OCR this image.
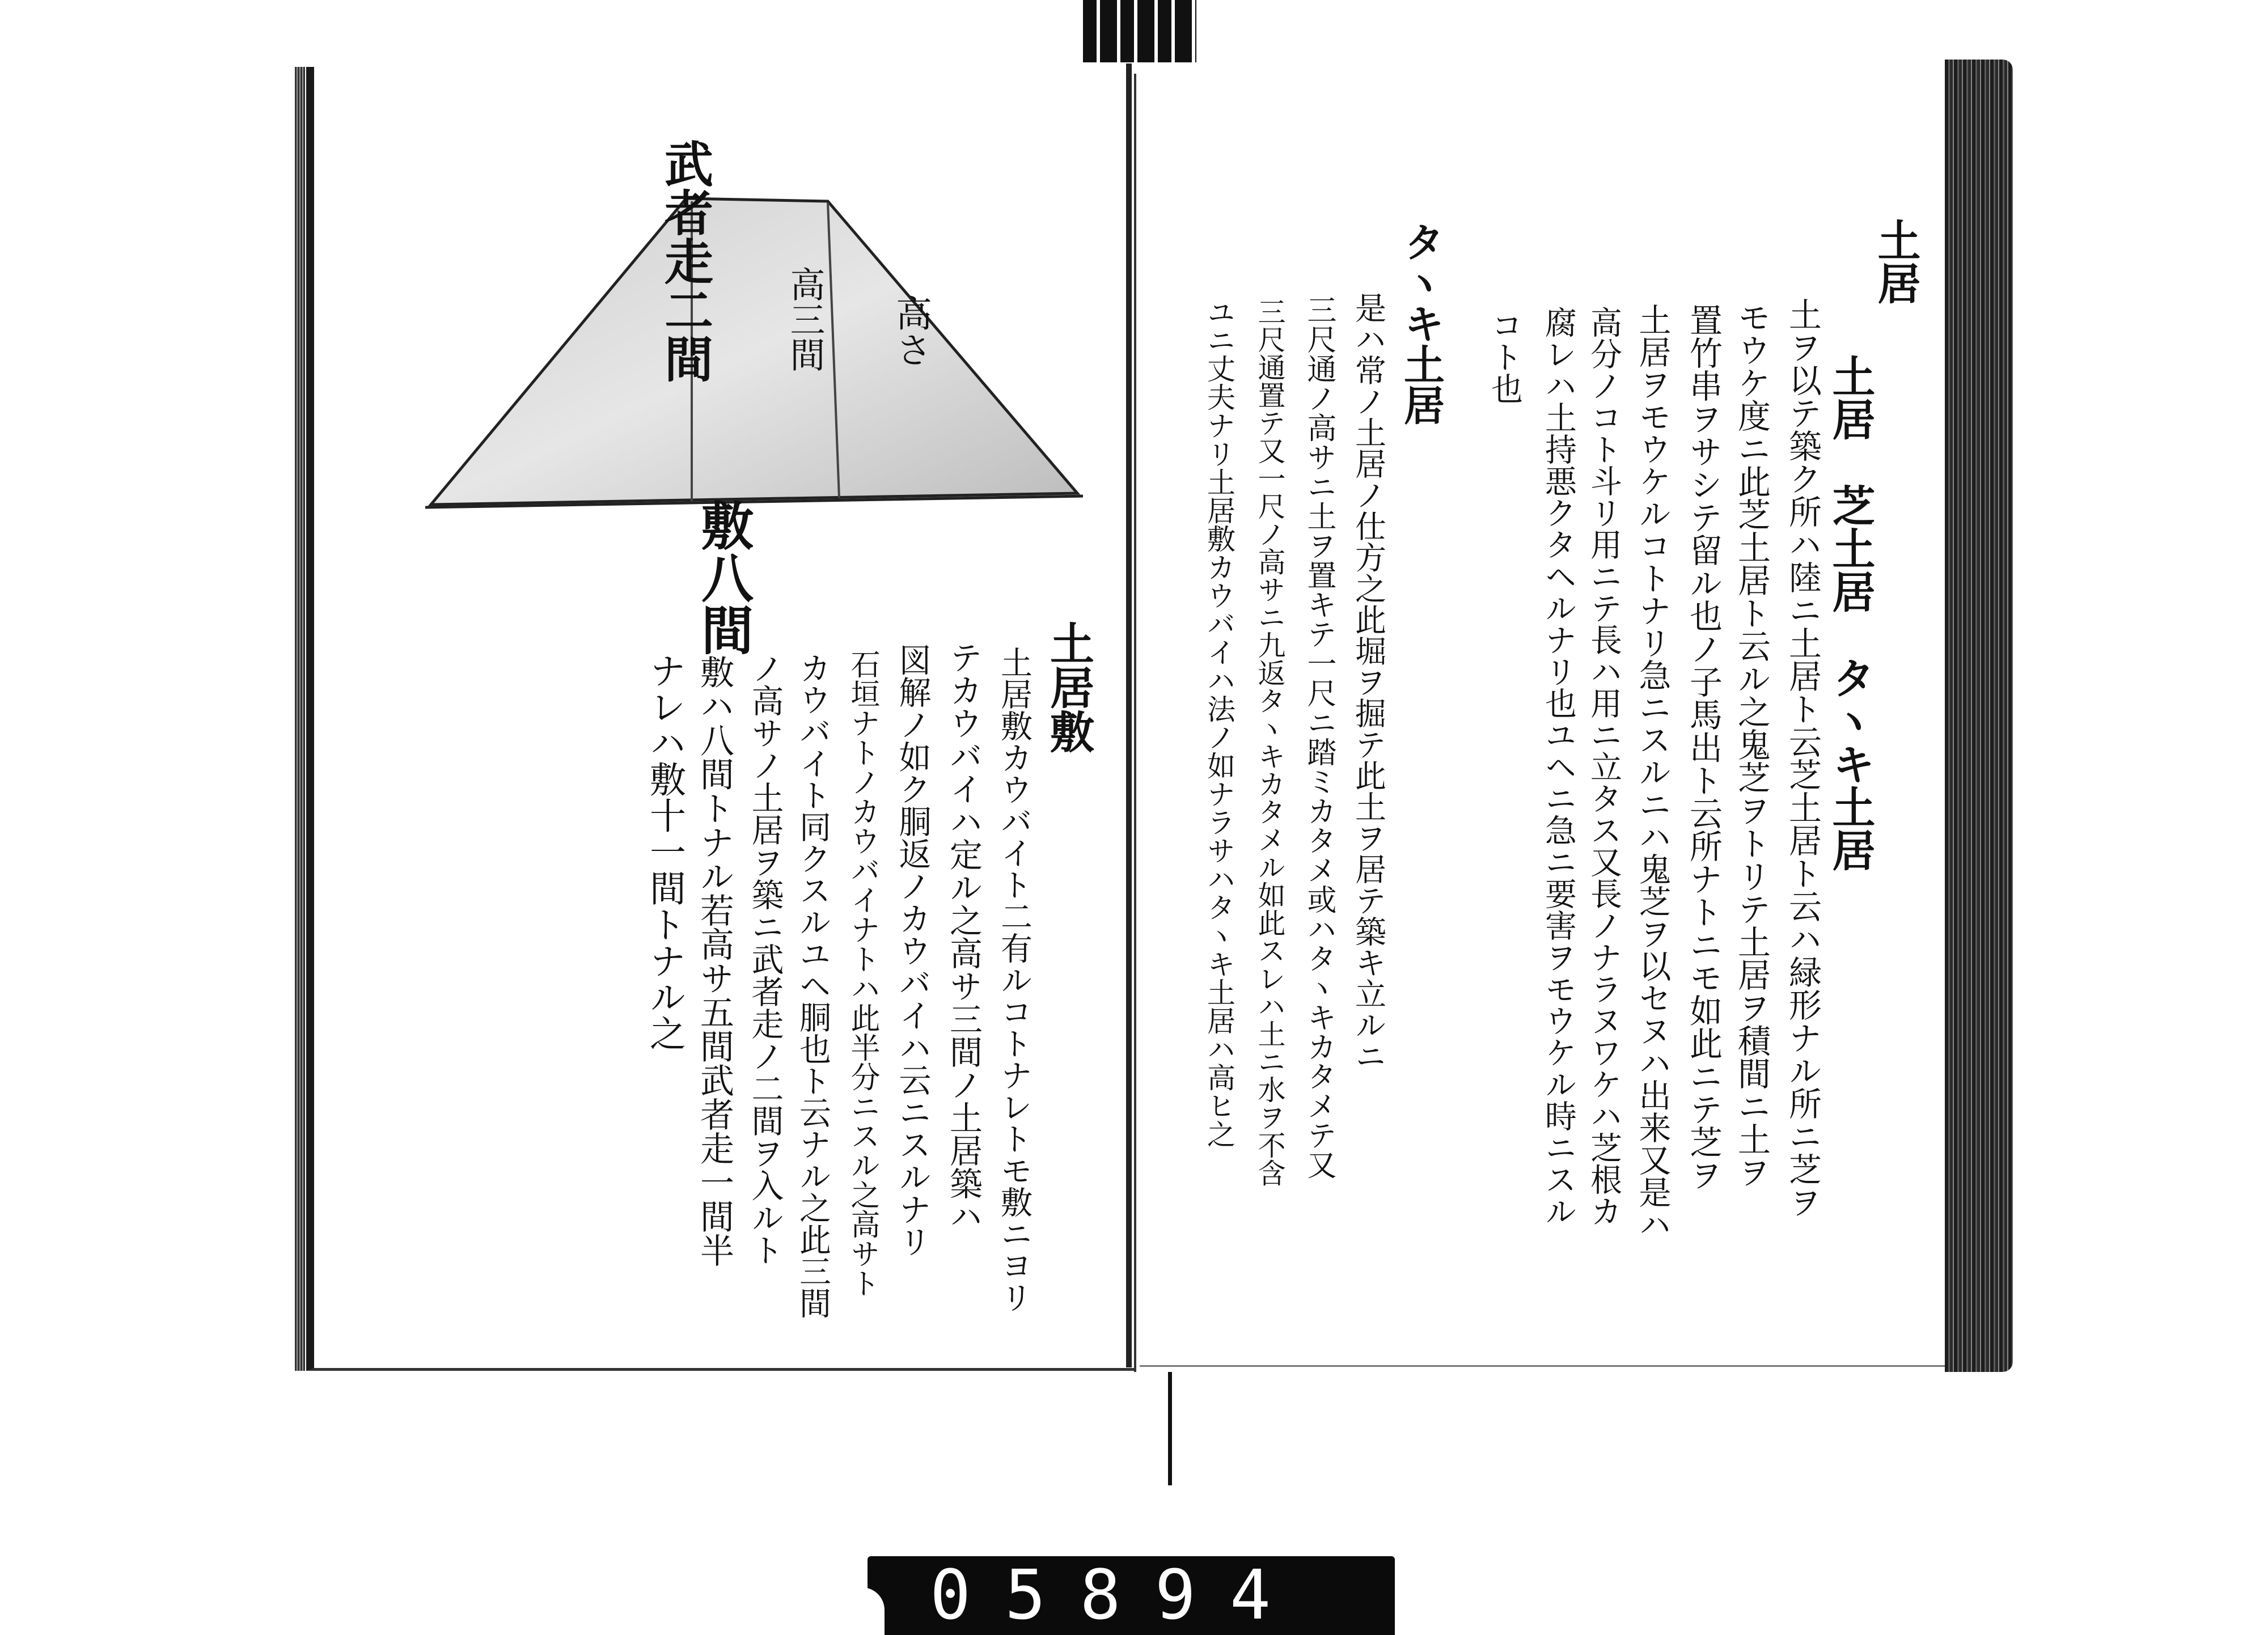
武者走二間 高三間 高さ
敷八間
土居
土居　芝土居　タヽキ土居
土ヲ以テ築ク所ハ陸ニ土居ト云芝土居ト云ハ緑形ナル所ニ芝ヲ
モウケ度ニ此芝土居ト云ル之鬼芝ヲトリテ土居ヲ積間ニ土ヲ
置竹串ヲサシテ留ル也ノ子馬出ト云所ナトニモ如此ニテ芝ヲ
土居ヲモウケルコトナリ急ニスルニハ鬼芝ヲ以セヌハ出来又是ハ
高分ノコト斗リ用ニテ長ハ用ニ立タス又長ノナラヌワケハ芝根カ
腐レハ土持悪クタヘルナリ也ユヘニ急ニ要害ヲモウケル時ニスル
コト也
タヽキ土居
是ハ常ノ土居ノ仕方之此堀ヲ掘テ此土ヲ居テ築キ立ルニ
三尺通ノ高サニ土ヲ置キテ一尺ニ踏ミカタメ或ハタヽキカタメテ又
三尺通置テ又一尺ノ高サニ九返タヽキカタメル如此スレハ土ニ水ヲ不含
ユニ丈夫ナリ土居敷カウバイハ法ノ如ナラサハタヽキ土居ハ高ヒ之
土居敷
土居敷カウバイト二有ルコトナレトモ敷ニヨリ
テカウバイハ定ル之高サ三間ノ土居築ハ
図解ノ如ク胴返ノカウバイハ云ニスルナリ
石垣ナトノカウバイナトハ此半分ニスル之高サト
カウバイト同クスルユヘ胴也ト云ナル之此三間
ノ高サノ土居ヲ築ニ武者走ノ二間ヲ入ルト
敷ハ八間トナル若高サ五間武者走一間半
ナレハ敷十一間トナル之
05894
